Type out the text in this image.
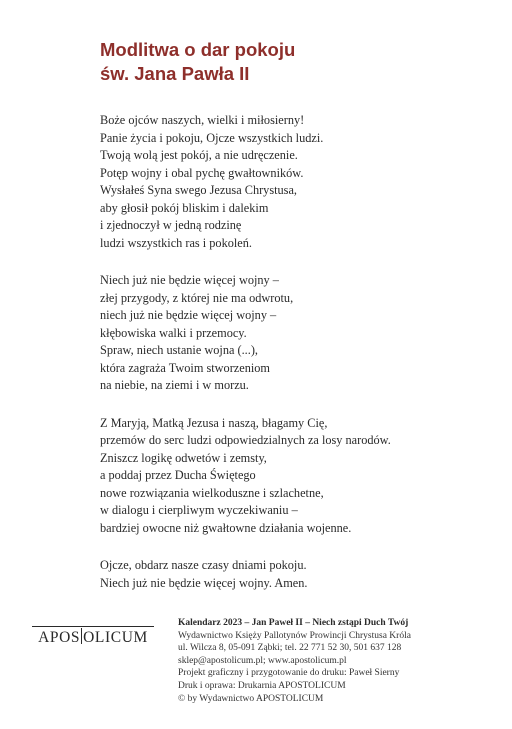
Modlitwa o dar pokoju
św. Jana Pawła II
Boże ojców naszych, wielki i miłosierny!
Panie życia i pokoju, Ojcze wszystkich ludzi.
Twoją wolą jest pokój, a nie udręczenie.
Potęp wojny i obal pychę gwałtowników.
Wysłałeś Syna swego Jezusa Chrystusa,
aby głosił pokój bliskim i dalekim
i zjednoczył w jedną rodzinę
ludzi wszystkich ras i pokoleń.
Niech już nie będzie więcej wojny –
złej przygody, z której nie ma odwrotu,
niech już nie będzie więcej wojny –
kłębowiska walki i przemocy.
Spraw, niech ustanie wojna (...),
która zagraża Twoim stworzeniom
na niebie, na ziemi i w morzu.
Z Maryją, Matką Jezusa i naszą, błagamy Cię,
przemów do serc ludzi odpowiedzialnych za losy narodów.
Zniszcz logikę odwetów i zemsty,
a poddaj przez Ducha Świętego
nowe rozwiązania wielkoduszne i szlachetne,
w dialogu i cierpliwym wyczekiwaniu –
bardziej owocne niż gwałtowne działania wojenne.
Ojcze, obdarz nasze czasy dniami pokoju.
Niech już nie będzie więcej wojny. Amen.
APOS OLICUM
Kalendarz 2023 – Jan Paweł II – Niech zstąpi Duch Twój
Wydawnictwo Księży Pallotynów Prowincji Chrystusa Króla
ul. Wilcza 8, 05-091 Ząbki; tel. 22 771 52 30, 501 637 128
sklep@apostolicum.pl; www.apostolicum.pl
Projekt graficzny i przygotowanie do druku: Paweł Sierny
Druk i oprawa: Drukarnia APOSTOLICUM
© by Wydawnictwo APOSTOLICUM
